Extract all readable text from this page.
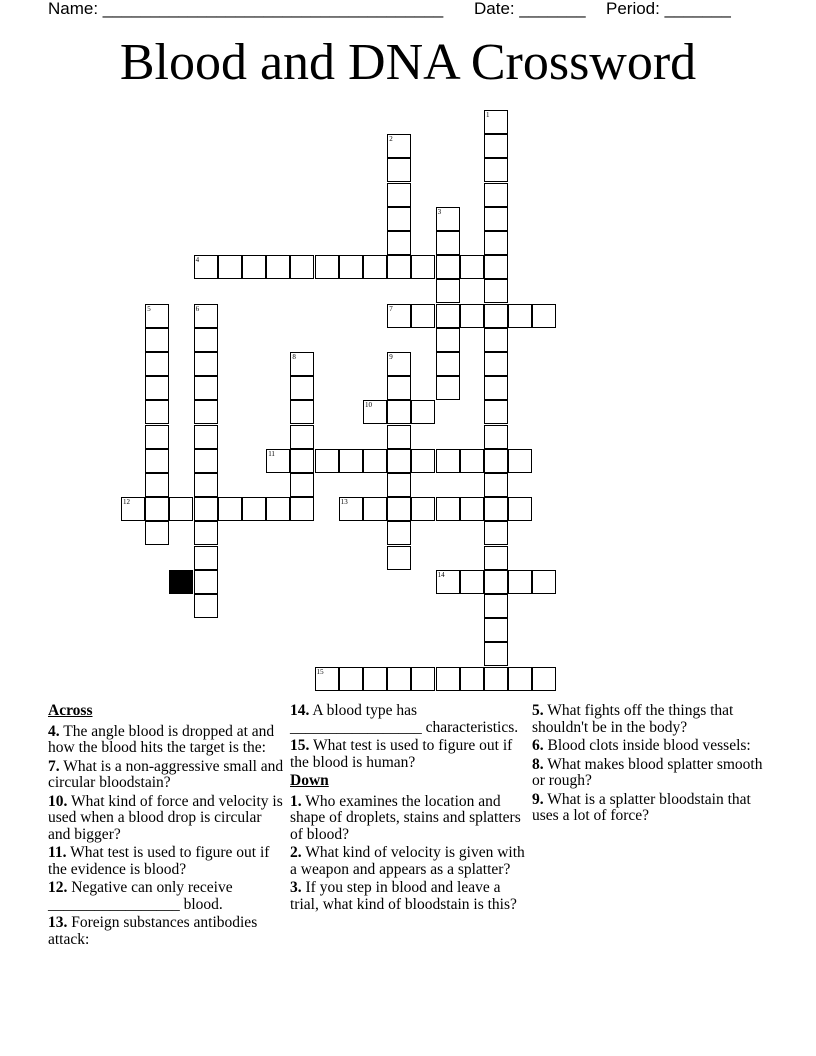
Name: ____________________________________ Date: _______ Period: _______
Blood and DNA Crossword
1
2
3
4
5	6	7
8	9
10
11
12	13
14
15
Across
4. The angle blood is dropped at and how the blood hits the target is the:
7. What is a non-aggressive small and circular bloodstain?
10. What kind of force and velocity is used when a blood drop is circular and bigger?
11. What test is used to figure out if the evidence is blood?
12. Negative can only receive _________________ blood.
13. Foreign substances antibodies attack:
14. A blood type has _________________ characteristics.
15. What test is used to figure out if the blood is human?
Down
1. Who examines the location and shape of droplets, stains and splatters of blood?
2. What kind of velocity is given with a weapon and appears as a splatter?
3. If you step in blood and leave a trial, what kind of bloodstain is this?
5. What fights off the things that shouldn't be in the body?
6. Blood clots inside blood vessels:
8. What makes blood splatter smooth or rough?
9. What is a splatter bloodstain that uses a lot of force?
